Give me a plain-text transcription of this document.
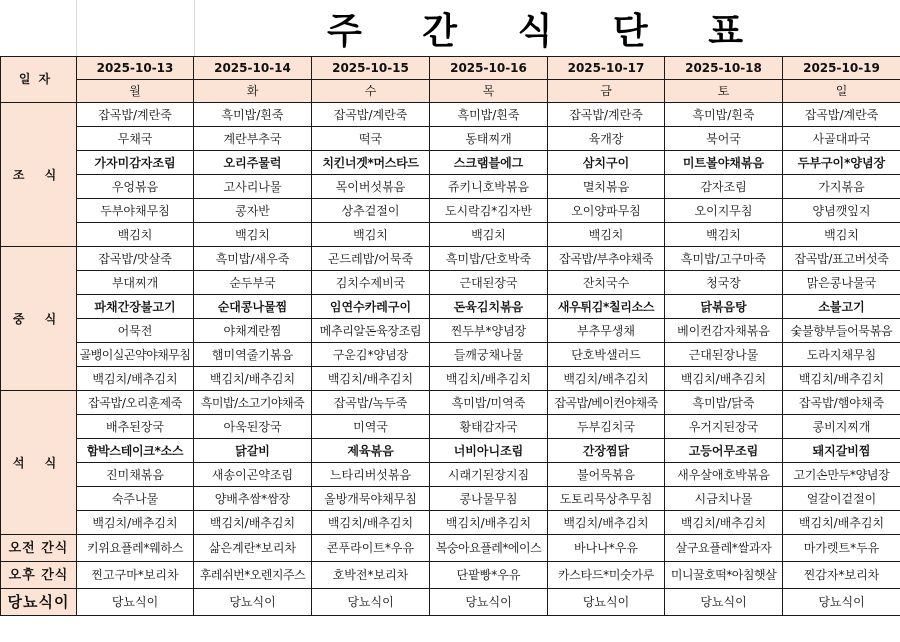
주 간 식 단 표
일자	2025-10-13	2025-10-14	2025-10-15	2025-10-16	2025-10-17	2025-10-18	2025-10-19
	월	화	수	목	금	토	일
조 식	잡곡밥/계란죽	흑미밥/흰죽	잡곡밥/계란죽	흑미밥/흰죽	잡곡밥/계란죽	흑미밥/흰죽	잡곡밥/계란죽
	무채국	계란부추국	떡국	동태찌개	육개장	북어국	사골대파국
	가자미감자조림	오리주물럭	치킨너겟*머스타드	스크램블에그	삼치구이	미트볼야채볶음	두부구이*양념장
	우엉볶음	고사리나물	목이버섯볶음	쥬키니호박볶음	멸치볶음	감자조림	가지볶음
	두부야채무침	콩자반	상추겉절이	도시락김*김자반	오이양파무침	오이지무침	양념깻잎지
	백김치	백김치	백김치	백김치	백김치	백김치	백김치
중 식	잡곡밥/맛살죽	흑미밥/새우죽	곤드레밥/어묵죽	흑미밥/단호박죽	잡곡밥/부추야채죽	흑미밥/고구마죽	잡곡밥/표고버섯죽
	부대찌개	순두부국	김치수제비국	근대된장국	잔치국수	청국장	맑은콩나물국
	파채간장불고기	순대콩나물찜	임연수카레구이	돈육김치볶음	새우튀김*칠리소스	닭볶음탕	소불고기
	어묵전	야채계란찜	메추리알돈육장조림	찐두부*양념장	부추무생채	베이컨감자채볶음	숯불향부들어묵볶음
	골뱅이실곤약야채무침	햄미역줄기볶음	구운김*양념장	들깨궁채나물	단호박샐러드	근대된장나물	도라지채무침
	백김치/배추김치	백김치/배추김치	백김치/배추김치	백김치/배추김치	백김치/배추김치	백김치/배추김치	백김치/배추김치
석 식	잡곡밥/오리훈제죽	흑미밥/소고기야채죽	잡곡밥/녹두죽	흑미밥/미역죽	잡곡밥/베이컨야채죽	흑미밥/닭죽	잡곡밥/햄야채죽
	배추된장국	아욱된장국	미역국	황태감자국	두부김치국	우거지된장국	콩비지찌개
	함박스테이크*소스	닭갈비	제육볶음	너비아니조림	간장찜닭	고등어무조림	돼지갈비찜
	진미채볶음	새송이곤약조림	느타리버섯볶음	시래기된장지짐	불어묵볶음	새우살애호박볶음	고기손만두*양념장
	숙주나물	양배추쌈*쌈장	올방개묵야채무침	콩나물무침	도토리묵상추무침	시금치나물	얼갈이겉절이
	백김치/배추김치	백김치/배추김치	백김치/배추김치	백김치/배추김치	백김치/배추김치	백김치/배추김치	백김치/배추김치
오전 간식	키위요플레*웨하스	삶은계란*보리차	콘푸라이트*우유	복숭아요플레*에이스	바나나*우유	살구요플레*쌀과자	마가렛트*두유
오후 간식	찐고구마*보리차	후레쉬번*오렌지주스	호박전*보리차	단팥빵*우유	카스타드*미숫가루	미니꿀호떡*아침햇살	찐감자*보리차
당뇨식이	당뇨식이	당뇨식이	당뇨식이	당뇨식이	당뇨식이	당뇨식이	당뇨식이
